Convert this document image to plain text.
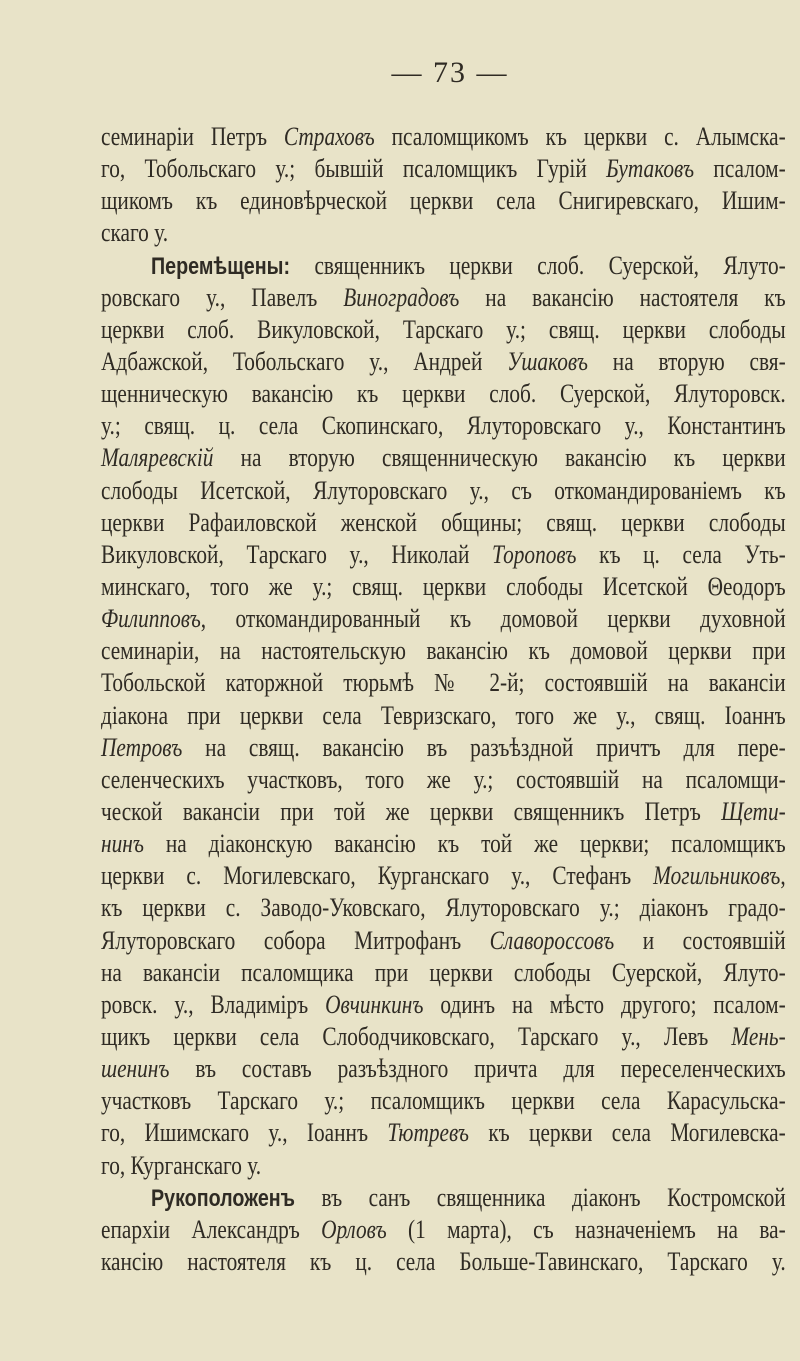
— 73 —
семинаріи Петръ Страховъ псаломщикомъ къ церкви с. Алымска-
го, Тобольскаго у.; бывшій псаломщикъ Гурій Бутаковъ псалом-
щикомъ къ единовѣрческой церкви села Снигиревскаго, Ишим-
скаго у.
Перемѣщены: священникъ церкви слоб. Суерской, Ялуто-
ровскаго у., Павелъ Виноградовъ на вакансію настоятеля къ
церкви слоб. Викуловской, Тарскаго у.; свящ. церкви слободы
Адбажской, Тобольскаго у., Андрей Ушаковъ на вторую свя-
щенническую вакансію къ церкви слоб. Суерской, Ялуторовск.
у.; свящ. ц. села Скопинскаго, Ялуторовскаго у., Константинъ
Маляревскій на вторую священническую вакансію къ церкви
слободы Исетской, Ялуторовскаго у., съ откомандированіемъ къ
церкви Рафаиловской женской общины; свящ. церкви слободы
Викуловской, Тарскаго у., Николай Тороповъ къ ц. села Уть-
минскаго, того же у.; свящ. церкви слободы Исетской Θеодоръ
Филипповъ, откомандированный къ домовой церкви духовной
семинаріи, на настоятельскую вакансію къ домовой церкви при
Тобольской каторжной тюрьмѣ № 2-й; состоявшій на вакансіи
діакона при церкви села Тевризскаго, того же у., свящ. Іоаннъ
Петровъ на свящ. вакансію въ разъѣздной причтъ для пере-
селенческихъ участковъ, того же у.; состоявшій на псаломщи-
ческой вакансіи при той же церкви священникъ Петръ Щети-
нинъ на діаконскую вакансію къ той же церкви; псаломщикъ
церкви с. Могилевскаго, Курганскаго у., Стефанъ Могильниковъ,
къ церкви с. Заводо-Уковскаго, Ялуторовскаго у.; діаконъ градо-
Ялуторовскаго собора Митрофанъ Славороссовъ и состоявшій
на вакансіи псаломщика при церкви слободы Суерской, Ялуто-
ровск. у., Владиміръ Овчинкинъ одинъ на мѣсто другого; псалом-
щикъ церкви села Слободчиковскаго, Тарскаго у., Левъ Мень-
шенинъ въ составъ разъѣздного причта для переселенческихъ
участковъ Тарскаго у.; псаломщикъ церкви села Карасульска-
го, Ишимскаго у., Іоаннъ Тютревъ къ церкви села Могилевска-
го, Курганскаго у.
Рукоположенъ въ санъ священника діаконъ Костромской
епархіи Александръ Орловъ (1 марта), съ назначеніемъ на ва-
кансію настоятеля къ ц. села Больше-Тавинскаго, Тарскаго у.
